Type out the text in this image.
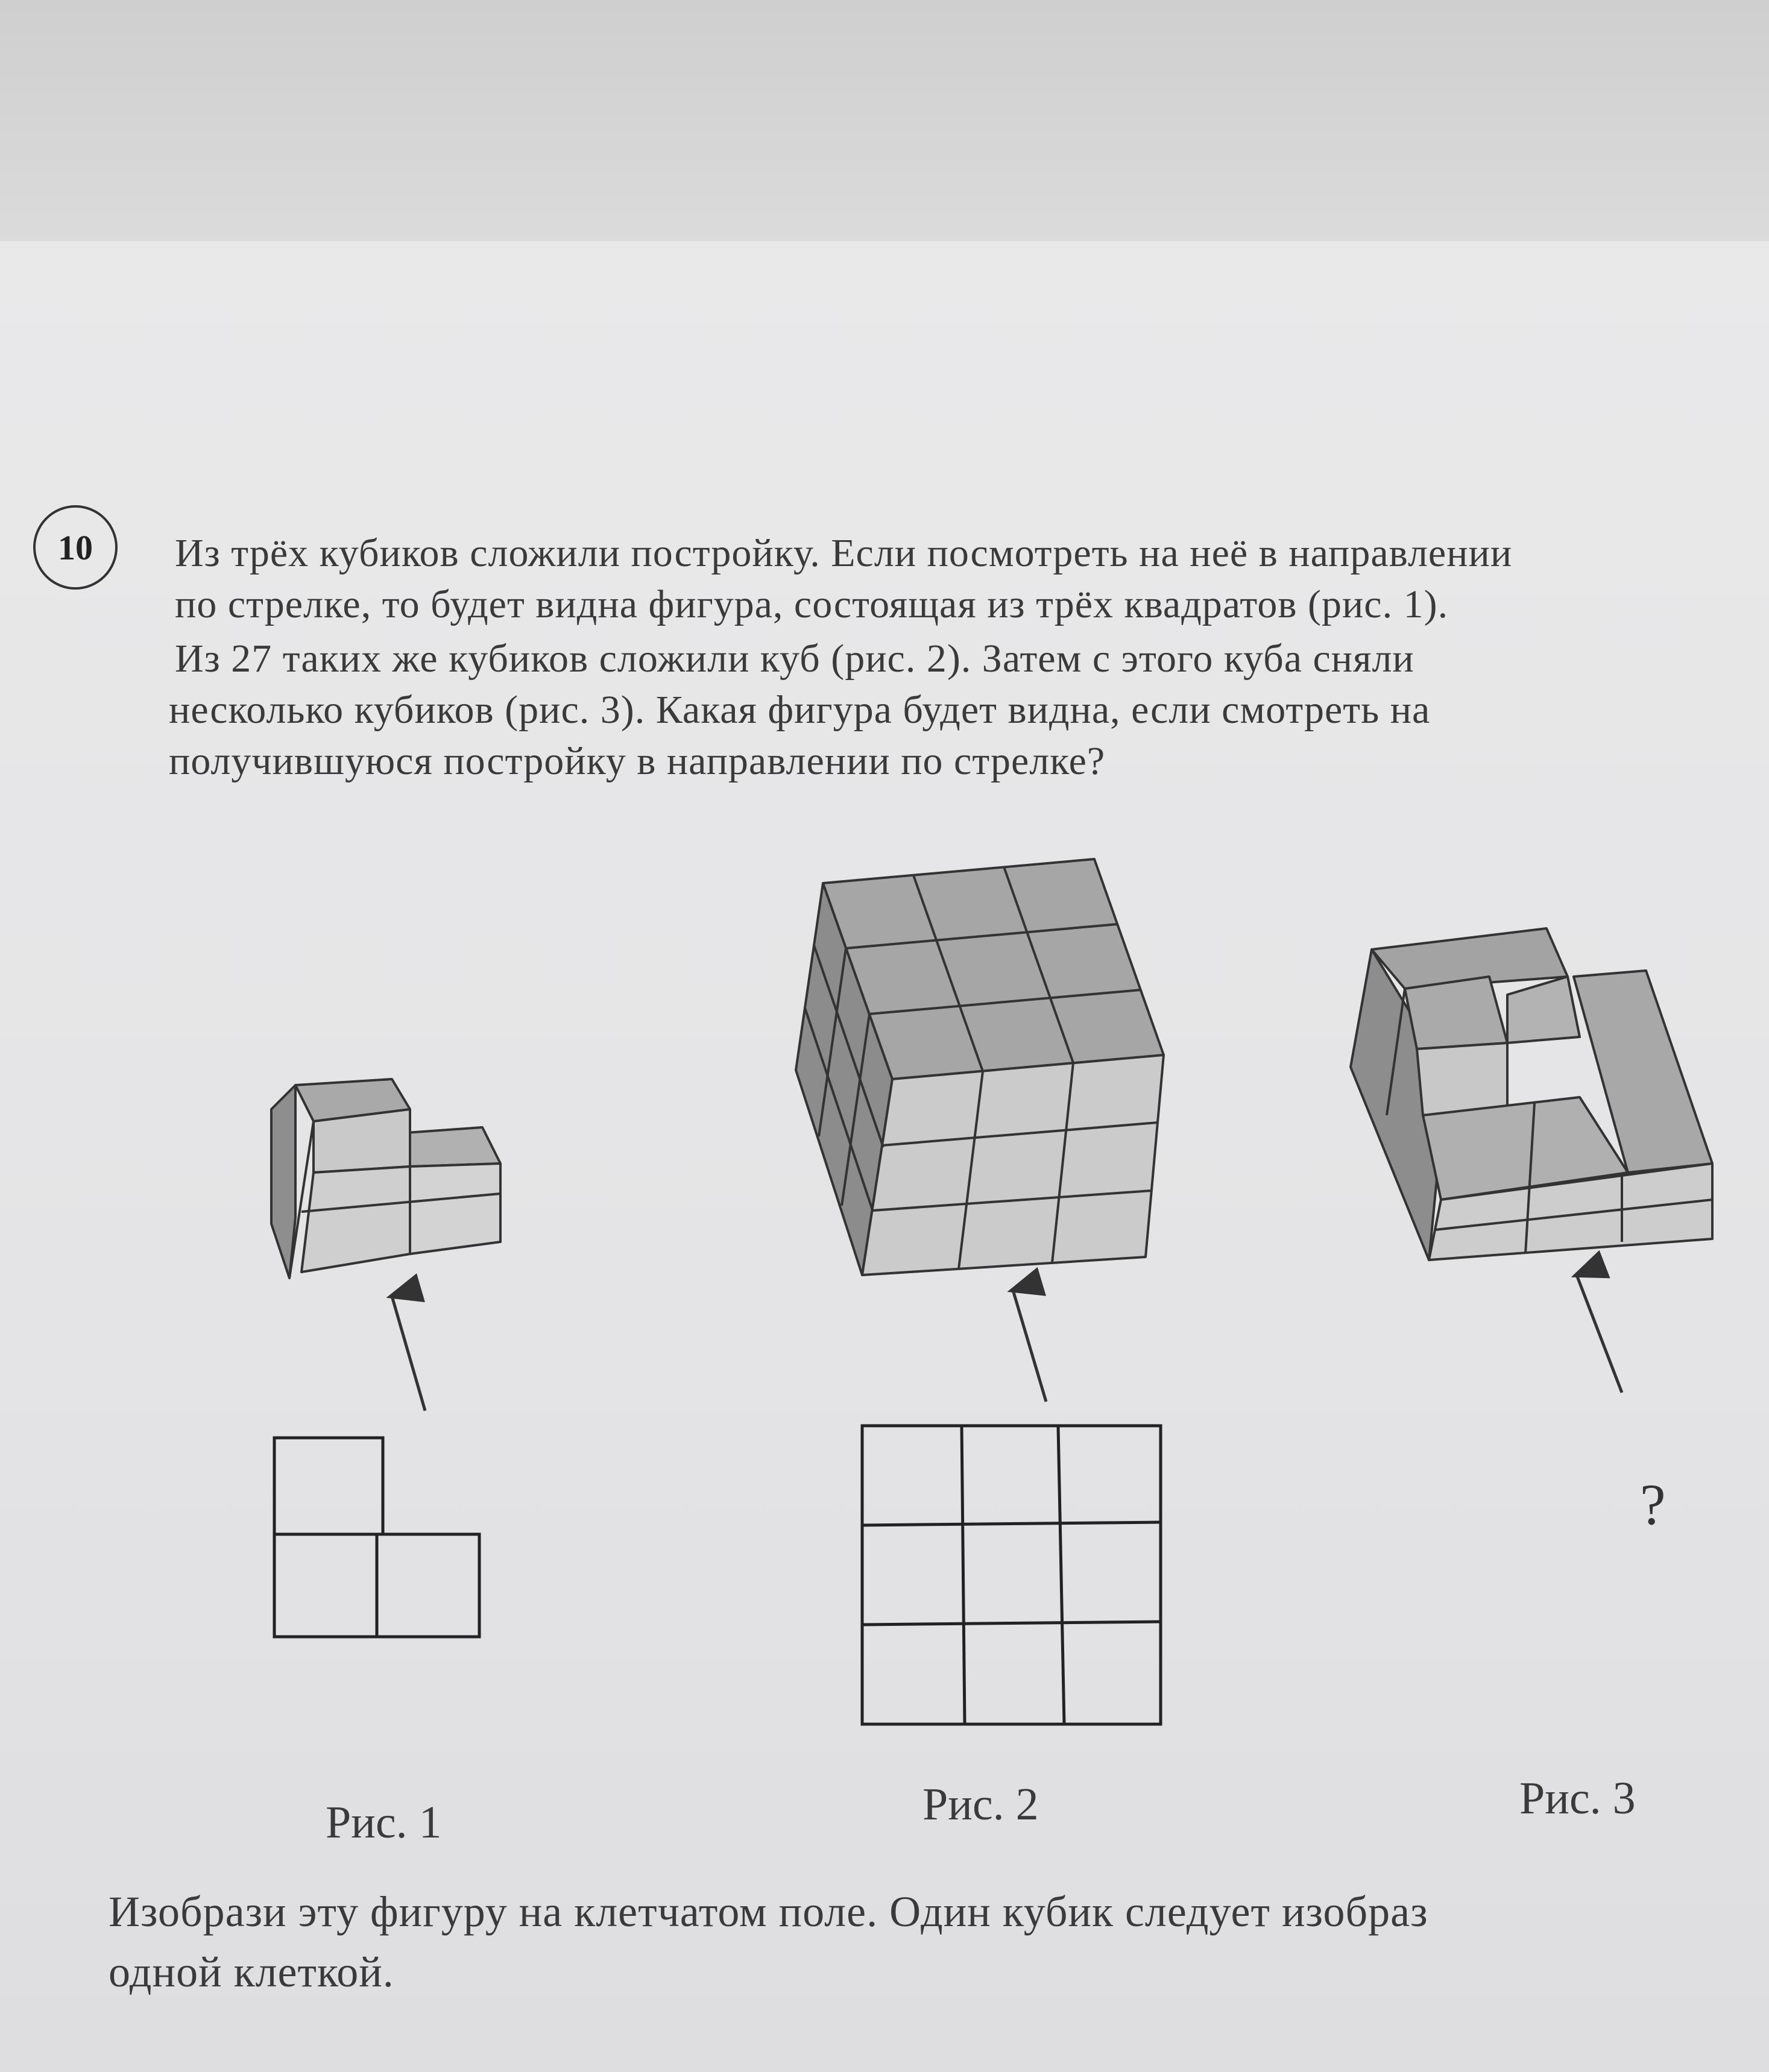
10 Из трёх кубиков сложили постройку. Если посмотреть на неё в направлении
по стрелке, то будет видна фигура, состоящая из трёх квадратов (рис. 1).
Из 27 таких же кубиков сложили куб (рис. 2). Затем с этого куба сняли
несколько кубиков (рис. 3). Какая фигура будет видна, если смотреть на
получившуюся постройку в направлении по стрелке?
?
Рис. 1	Рис. 2	Рис. 3
Изобрази эту фигуру на клетчатом поле. Один кубик следует изобраз
одной клеткой.
